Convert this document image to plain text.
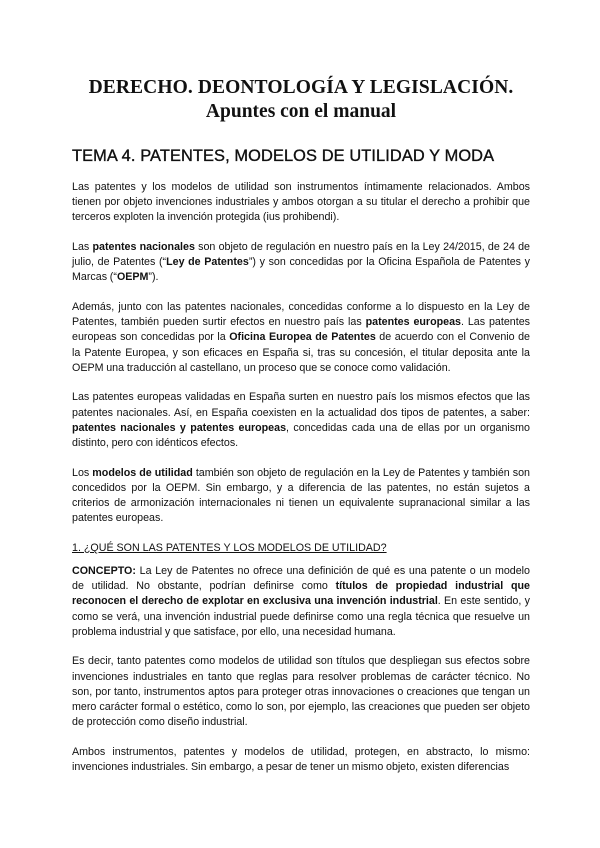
DERECHO. DEONTOLOGÍA Y LEGISLACIÓN.
Apuntes con el manual
TEMA 4. PATENTES, MODELOS DE UTILIDAD Y MODA

Las patentes y los modelos de utilidad son instrumentos íntimamente relacionados. Ambos tienen por objeto invenciones industriales y ambos otorgan a su titular el derecho a prohibir que terceros exploten la invención protegida (ius prohibendi).

Las patentes nacionales son objeto de regulación en nuestro país en la Ley 24/2015, de 24 de julio, de Patentes (“Ley de Patentes”) y son concedidas por la Oficina Española de Patentes y Marcas (“OEPM”).

Además, junto con las patentes nacionales, concedidas conforme a lo dispuesto en la Ley de Patentes, también pueden surtir efectos en nuestro país las patentes europeas. Las patentes europeas son concedidas por la Oficina Europea de Patentes de acuerdo con el Convenio de la Patente Europea, y son eficaces en España si, tras su concesión, el titular deposita ante la OEPM una traducción al castellano, un proceso que se conoce como validación.

Las patentes europeas validadas en España surten en nuestro país los mismos efectos que las patentes nacionales. Así, en España coexisten en la actualidad dos tipos de patentes, a saber: patentes nacionales y patentes europeas, concedidas cada una de ellas por un organismo distinto, pero con idénticos efectos.

Los modelos de utilidad también son objeto de regulación en la Ley de Patentes y también son concedidos por la OEPM. Sin embargo, y a diferencia de las patentes, no están sujetos a criterios de armonización internacionales ni tienen un equivalente supranacional similar a las patentes europeas.

1. ¿QUÉ SON LAS PATENTES Y LOS MODELOS DE UTILIDAD?

CONCEPTO: La Ley de Patentes no ofrece una definición de qué es una patente o un modelo de utilidad. No obstante, podrían definirse como títulos de propiedad industrial que reconocen el derecho de explotar en exclusiva una invención industrial. En este sentido, y como se verá, una invención industrial puede definirse como una regla técnica que resuelve un problema industrial y que satisface, por ello, una necesidad humana.

Es decir, tanto patentes como modelos de utilidad son títulos que despliegan sus efectos sobre invenciones industriales en tanto que reglas para resolver problemas de carácter técnico. No son, por tanto, instrumentos aptos para proteger otras innovaciones o creaciones que tengan un mero carácter formal o estético, como lo son, por ejemplo, las creaciones que pueden ser objeto de protección como diseño industrial.

Ambos instrumentos, patentes y modelos de utilidad, protegen, en abstracto, lo mismo: invenciones industriales. Sin embargo, a pesar de tener un mismo objeto, existen diferencias
